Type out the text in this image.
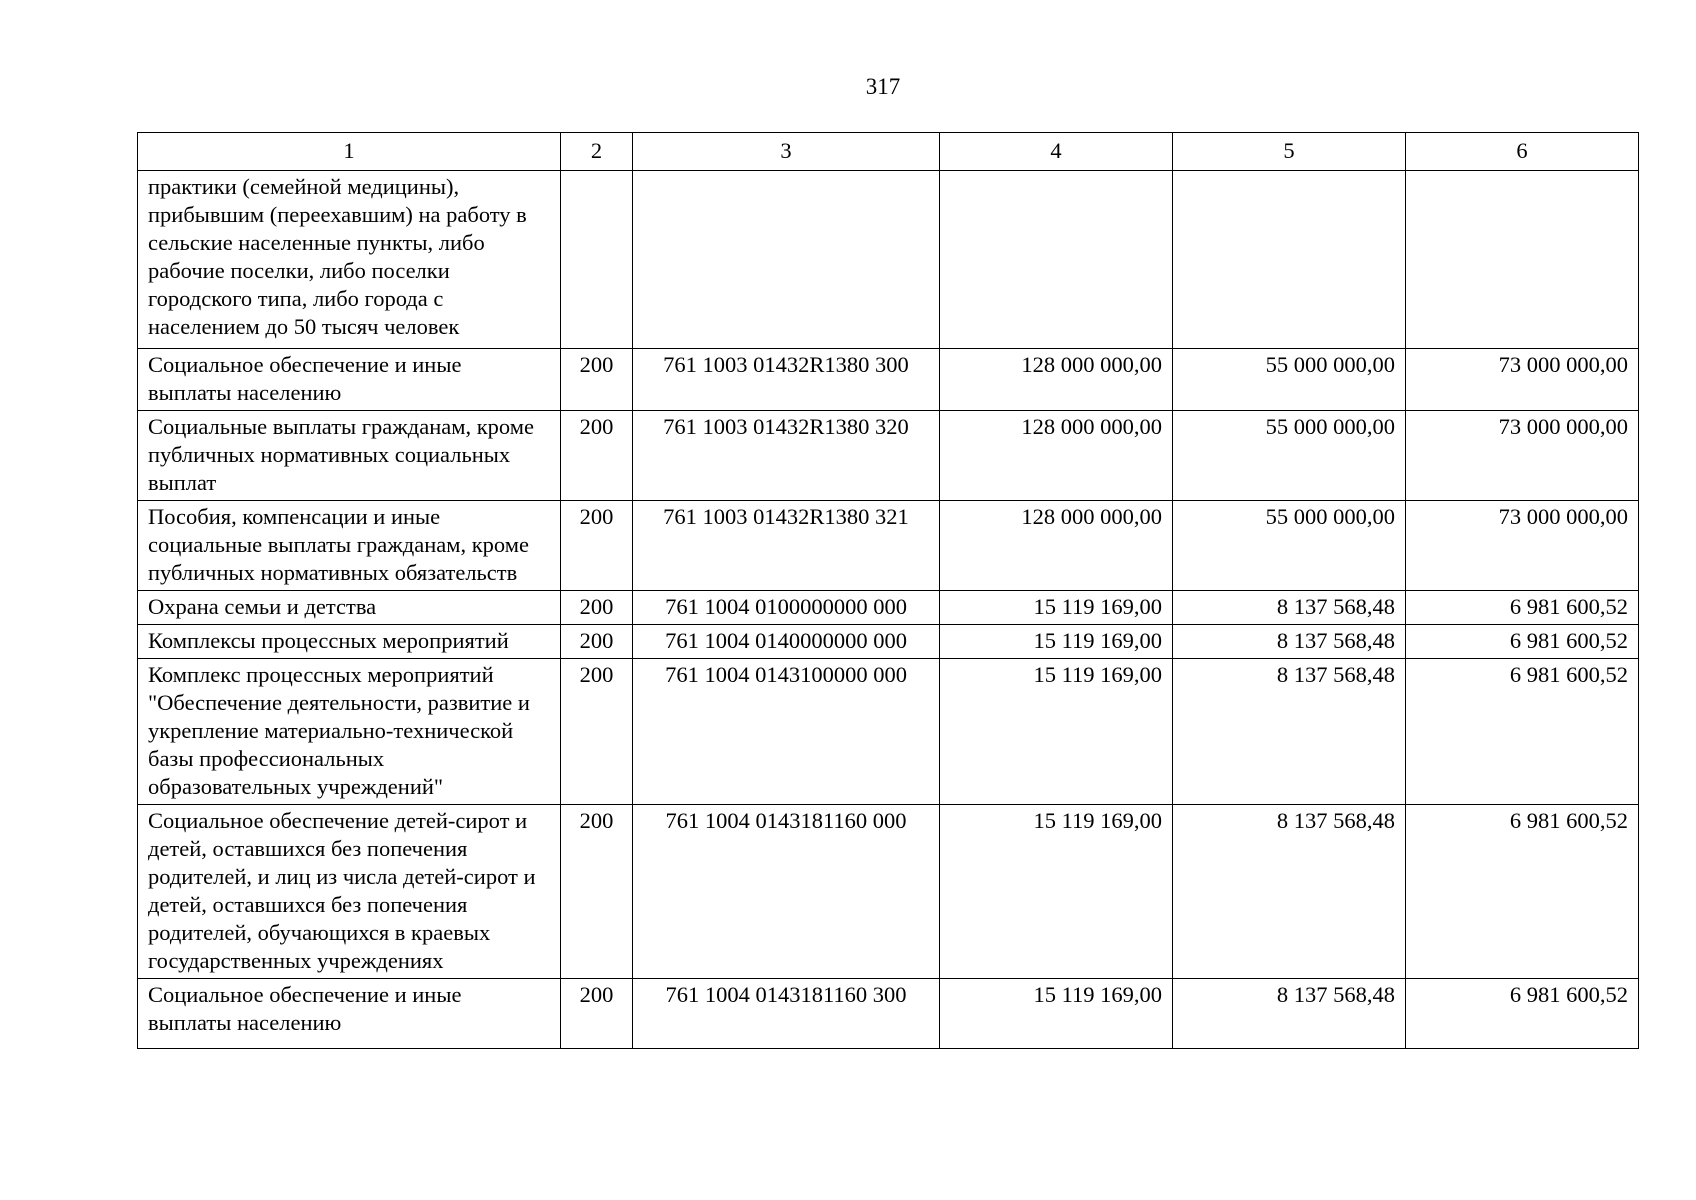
317
1	2	3	4	5	6
практики (семейной медицины), прибывшим (переехавшим) на работу в сельские населенные пункты, либо рабочие поселки, либо поселки городского типа, либо города с населением до 50 тысяч человек					
Социальное обеспечение и иные выплаты населению	200	761 1003 01432R1380 300	128 000 000,00	55 000 000,00	73 000 000,00
Социальные выплаты гражданам, кроме публичных нормативных социальных выплат	200	761 1003 01432R1380 320	128 000 000,00	55 000 000,00	73 000 000,00
Пособия, компенсации и иные социальные выплаты гражданам, кроме публичных нормативных обязательств	200	761 1003 01432R1380 321	128 000 000,00	55 000 000,00	73 000 000,00
Охрана семьи и детства	200	761 1004 0100000000 000	15 119 169,00	8 137 568,48	6 981 600,52
Комплексы процессных мероприятий	200	761 1004 0140000000 000	15 119 169,00	8 137 568,48	6 981 600,52
Комплекс процессных мероприятий "Обеспечение деятельности, развитие и укрепление материально-технической базы профессиональных образовательных учреждений"	200	761 1004 0143100000 000	15 119 169,00	8 137 568,48	6 981 600,52
Социальное обеспечение детей-сирот и детей, оставшихся без попечения родителей, и лиц из числа детей-сирот и детей, оставшихся без попечения родителей, обучающихся в краевых государственных учреждениях	200	761 1004 0143181160 000	15 119 169,00	8 137 568,48	6 981 600,52
Социальное обеспечение и иные выплаты населению	200	761 1004 0143181160 300	15 119 169,00	8 137 568,48	6 981 600,52
